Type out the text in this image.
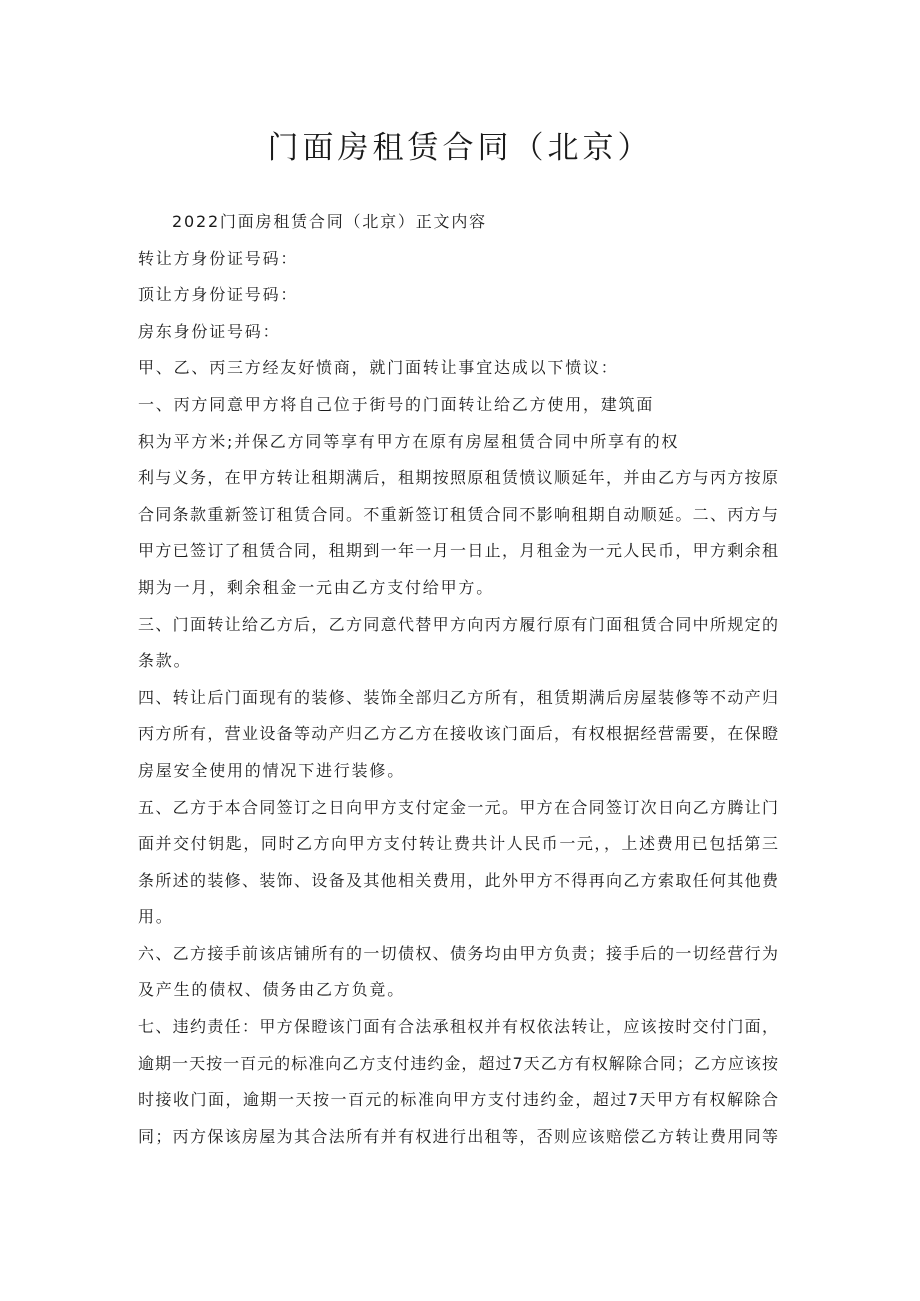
门面房租赁合同（北京）
2022门面房租赁合同（北京）正文内容
转让方身份证号码：
顶让方身份证号码：
房东身份证号码：
甲、乙、丙三方经友好愤商，就门面转让事宜达成以下愤议：
一、丙方同意甲方将自己位于街号的门面转让给乙方使用，建筑面
积为平方米;并保乙方同等享有甲方在原有房屋租赁合同中所享有的权
利与义务，在甲方转让租期满后，租期按照原租赁愤议顺延年，并由乙方与丙方按原
合同条款重新签订租赁合同。不重新签订租赁合同不影响租期自动顺延。二、丙方与
甲方已签订了租赁合同，租期到一年一月一日止，月租金为一元人民币，甲方剩余租
期为一月，剩余租金一元由乙方支付给甲方。
三、门面转让给乙方后，乙方同意代替甲方向丙方履行原有门面租赁合同中所规定的
条款。
四、转让后门面现有的装修、装饰全部归乙方所有，租赁期满后房屋装修等不动产归
丙方所有，营业设备等动产归乙方乙方在接收该门面后，有权根据经营需要，在保瞪
房屋安全使用的情况下进行装修。
五、乙方于本合同签订之日向甲方支付定金一元。甲方在合同签订次日向乙方腾让门
面并交付钥匙，同时乙方向甲方支付转让费共计人民币一元，，上述费用已包括第三
条所述的装修、装饰、设备及其他相关费用，此外甲方不得再向乙方索取任何其他费
用。
六、乙方接手前该店铺所有的一切债权、债务均由甲方负责；接手后的一切经营行为
及产生的债权、债务由乙方负竟。
七、违约责任：甲方保瞪该门面有合法承租权并有权依法转让，应该按时交付门面，
逾期一天按一百元的标准向乙方支付违约金，超过7天乙方有权解除合同；乙方应该按
时接收门面，逾期一天按一百元的标准向甲方支付违约金，超过7天甲方有权解除合
同；丙方保该房屋为其合法所有并有权进行出租等，否则应该赔偿乙方转让费用同等
